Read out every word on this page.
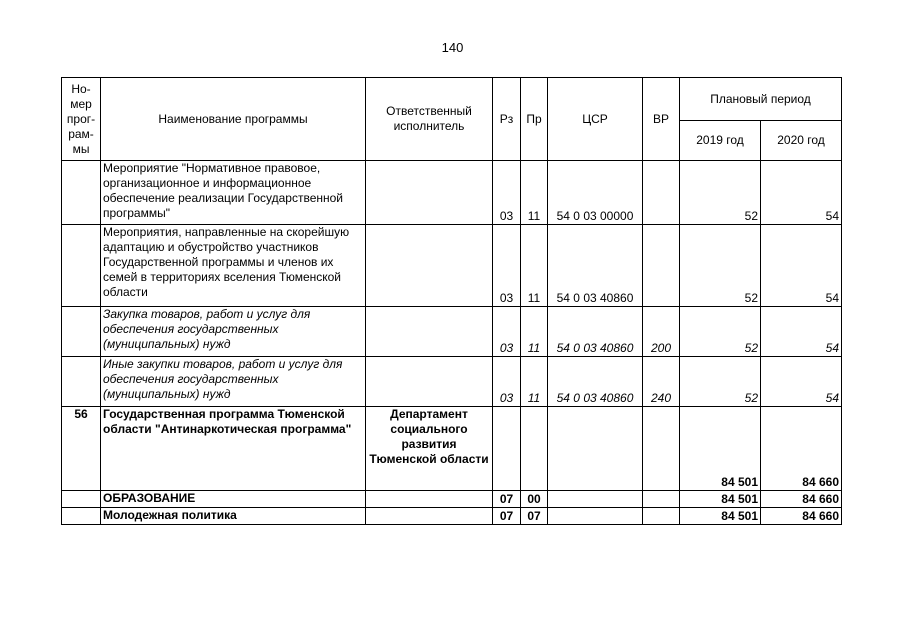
140
Но-
мер
прог-
рам-
мы	Наименование программы	Ответственный исполнитель	Рз	Пр	ЦСР	ВР	Плановый период	
							2019 год	2020 год
	Мероприятие "Нормативное правовое, организационное и информационное обеспечение реализации Государственной программы"		03	11	54 0 03 00000		52	54
	Мероприятия, направленные на скорейшую адаптацию и обустройство участников Государственной программы и членов их семей в территориях вселения Тюменской области		03	11	54 0 03 40860		52	54
	Закупка товаров, работ и услуг для обеспечения государственных (муниципальных) нужд		03	11	54 0 03 40860	200	52	54
	Иные закупки товаров, работ и услуг для обеспечения государственных (муниципальных) нужд		03	11	54 0 03 40860	240	52	54
56	Государственная программа Тюменской области "Антинаркотическая программа"	Департамент социального развития Тюменской области					84 501	84 660
	ОБРАЗОВАНИЕ		07	00			84 501	84 660
	Молодежная политика		07	07			84 501	84 660
